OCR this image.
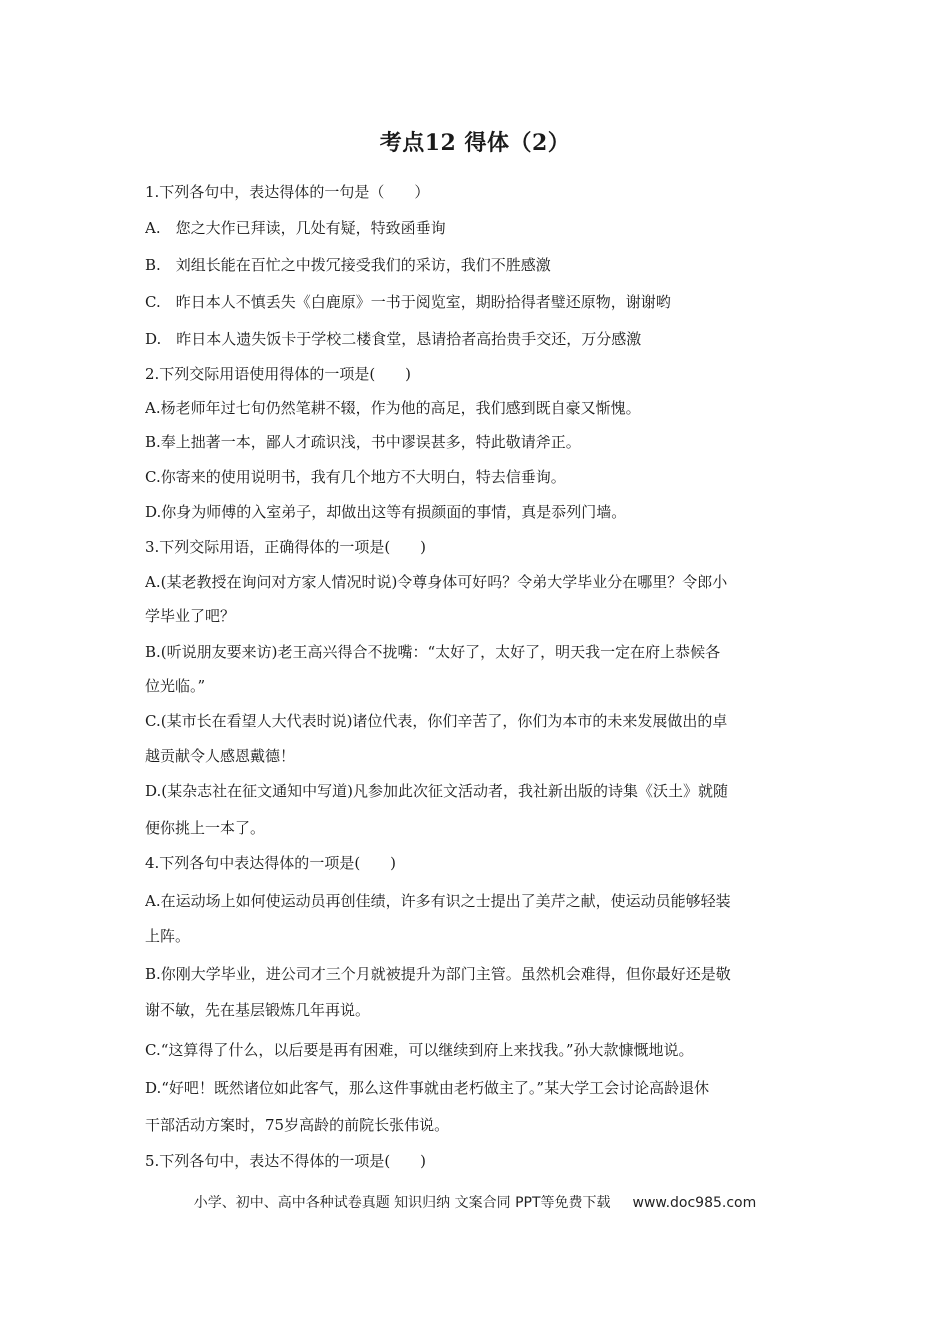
考点12 得体（2）
1.下列各句中，表达得体的一句是（　　）
A.　您之大作已拜读，几处有疑，特致函垂询
B.　刘组长能在百忙之中拨冗接受我们的采访，我们不胜感激
C.　昨日本人不慎丢失《白鹿原》一书于阅览室，期盼拾得者璧还原物，谢谢哟
D.　昨日本人遗失饭卡于学校二楼食堂，恳请拾者高抬贵手交还，万分感激
2.下列交际用语使用得体的一项是(　　)
A.杨老师年过七旬仍然笔耕不辍，作为他的高足，我们感到既自豪又惭愧。
B.奉上拙著一本，鄙人才疏识浅，书中谬误甚多，特此敬请斧正。
C.你寄来的使用说明书，我有几个地方不大明白，特去信垂询。
D.你身为师傅的入室弟子，却做出这等有损颜面的事情，真是忝列门墙。
3.下列交际用语，正确得体的一项是(　　)
A.(某老教授在询问对方家人情况时说)令尊身体可好吗？令弟大学毕业分在哪里？令郎小
学毕业了吧？
B.(听说朋友要来访)老王高兴得合不拢嘴：“太好了，太好了，明天我一定在府上恭候各
位光临。”
C.(某市长在看望人大代表时说)诸位代表，你们辛苦了，你们为本市的未来发展做出的卓
越贡献令人感恩戴德！
D.(某杂志社在征文通知中写道)凡参加此次征文活动者，我社新出版的诗集《沃土》就随
便你挑上一本了。
4.下列各句中表达得体的一项是(　　)
A.在运动场上如何使运动员再创佳绩，许多有识之士提出了美芹之献，使运动员能够轻装
上阵。
B.你刚大学毕业，进公司才三个月就被提升为部门主管。虽然机会难得，但你最好还是敬
谢不敏，先在基层锻炼几年再说。
C.“这算得了什么，以后要是再有困难，可以继续到府上来找我。”孙大款慷慨地说。
D.“好吧！既然诸位如此客气，那么这件事就由老朽做主了。”某大学工会讨论高龄退休
干部活动方案时，75岁高龄的前院长张伟说。
5.下列各句中，表达不得体的一项是(　　)
小学、初中、高中各种试卷真题 知识归纳 文案合同 PPT等免费下载 www.doc985.com
